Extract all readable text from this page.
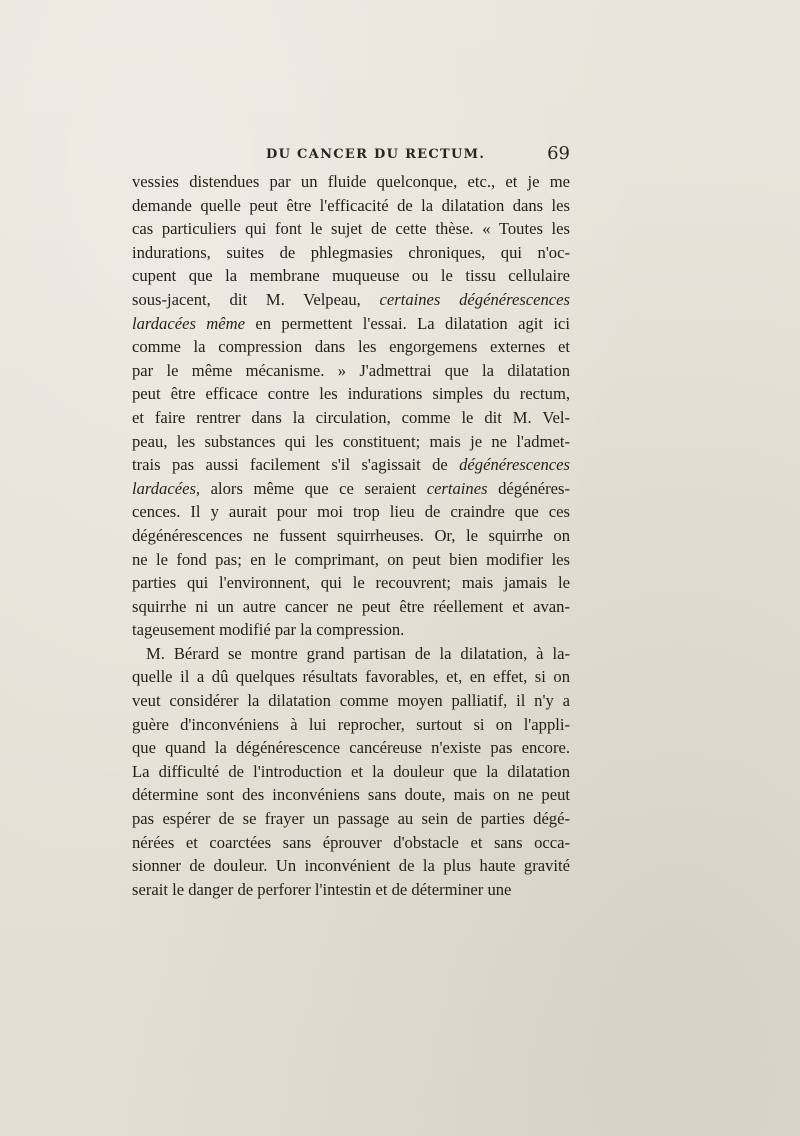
DU CANCER DU RECTUM.	69
vessies distendues par un fluide quelconque, etc., et je me
demande quelle peut être l'efficacité de la dilatation dans les
cas particuliers qui font le sujet de cette thèse. « Toutes les
indurations, suites de phlegmasies chroniques, qui n'oc-
cupent que la membrane muqueuse ou le tissu cellulaire
sous-jacent, dit M. Velpeau, certaines dégénérescences
lardacées même en permettent l'essai. La dilatation agit ici
comme la compression dans les engorgemens externes et
par le même mécanisme. » J'admettrai que la dilatation
peut être efficace contre les indurations simples du rectum,
et faire rentrer dans la circulation, comme le dit M. Vel-
peau, les substances qui les constituent; mais je ne l'admet-
trais pas aussi facilement s'il s'agissait de dégénérescences
lardacées, alors même que ce seraient certaines dégénéres-
cences. Il y aurait pour moi trop lieu de craindre que ces
dégénérescences ne fussent squirrheuses. Or, le squirrhe on
ne le fond pas; en le comprimant, on peut bien modifier les
parties qui l'environnent, qui le recouvrent; mais jamais le
squirrhe ni un autre cancer ne peut être réellement et avan-
tageusement modifié par la compression.
M. Bérard se montre grand partisan de la dilatation, à la-
quelle il a dû quelques résultats favorables, et, en effet, si on
veut considérer la dilatation comme moyen palliatif, il n'y a
guère d'inconvéniens à lui reprocher, surtout si on l'appli-
que quand la dégénérescence cancéreuse n'existe pas encore.
La difficulté de l'introduction et la douleur que la dilatation
détermine sont des inconvéniens sans doute, mais on ne peut
pas espérer de se frayer un passage au sein de parties dégé-
nérées et coarctées sans éprouver d'obstacle et sans occa-
sionner de douleur. Un inconvénient de la plus haute gravité
serait le danger de perforer l'intestin et de déterminer une
